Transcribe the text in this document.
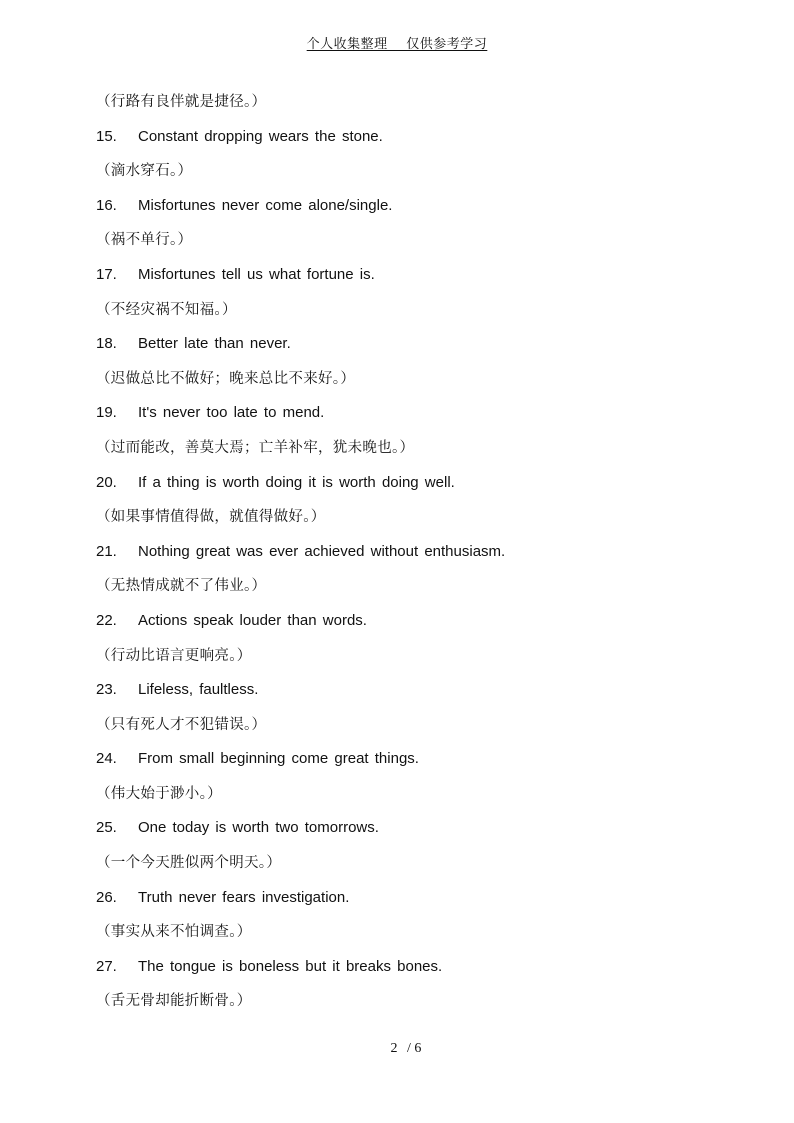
个人收集整理_ _仅供参考学习
（行路有良伴就是捷径。）
15. Constant dropping wears the stone.
（滴水穿石。）
16. Misfortunes never come alone/single.
（祸不单行。）
17. Misfortunes tell us what fortune is.
（不经灾祸不知福。）
18. Better late than never.
（迟做总比不做好；晚来总比不来好。）
19. It's never too late to mend.
（过而能改，善莫大焉；亡羊补牢，犹未晚也。）
20. If a thing is worth doing it is worth doing well.
（如果事情值得做，就值得做好。）
21. Nothing great was ever achieved without enthusiasm.
（无热情成就不了伟业。）
22. Actions speak louder than words.
（行动比语言更响亮。）
23. Lifeless, faultless.
（只有死人才不犯错误。）
24. From small beginning come great things.
（伟大始于渺小。）
25. One today is worth two tomorrows.
（一个今天胜似两个明天。）
26. Truth never fears investigation.
（事实从来不怕调查。）
27. The tongue is boneless but it breaks bones.
（舌无骨却能折断骨。）
2 / 6
